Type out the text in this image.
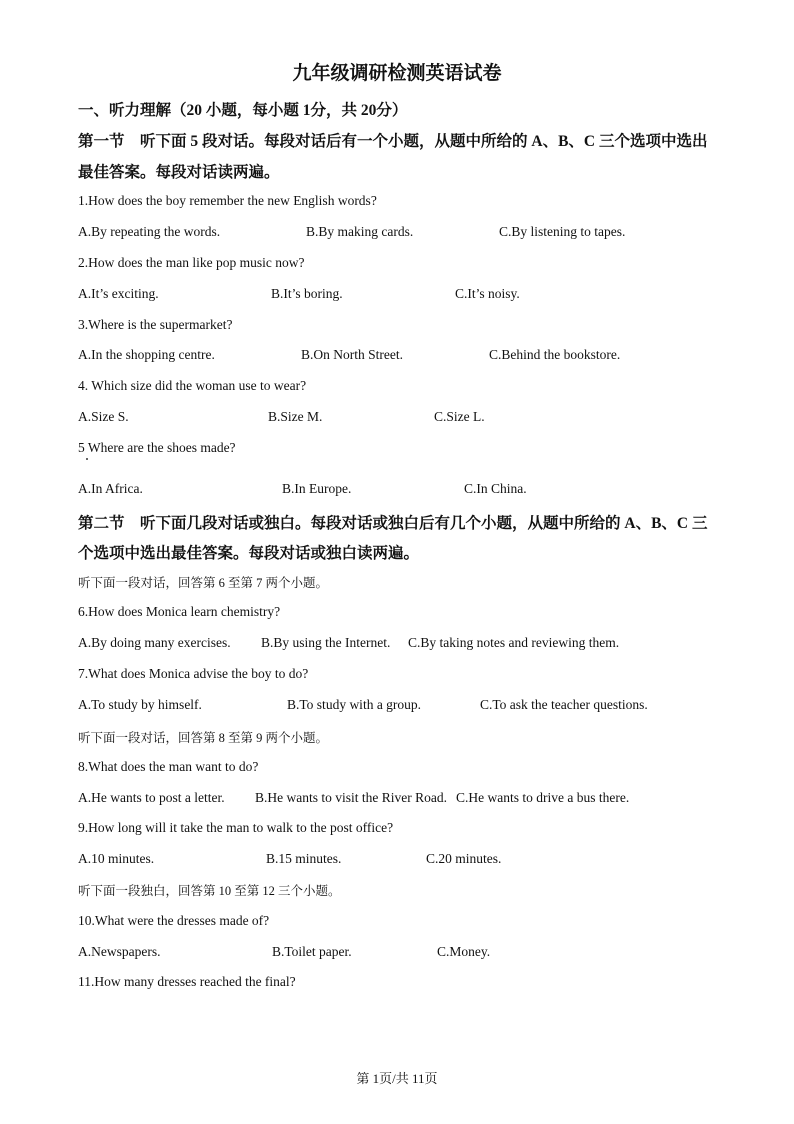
九年级调研检测英语试卷
一、听力理解（20 小题，每小题 1分，共 20分）
第一节　听下面 5 段对话。每段对话后有一个小题，从题中所给的 A、B、C 三个选项中选出
最佳答案。每段对话读两遍。
1.How does the boy remember the new English words?
A.By repeating the words.	B.By making cards.	C.By listening to tapes.
2.How does the man like pop music now?
A.It’s exciting.	B.It’s boring.	C.It’s noisy.
3.Where is the supermarket?
A.In the shopping centre.	B.On North Street.	C.Behind the bookstore.
4. Which size did the woman use to wear?
A.Size S.	B.Size M.	C.Size L.
5 Where are the shoes made?
A.In Africa.	B.In Europe.	C.In China.
第二节　听下面几段对话或独白。每段对话或独白后有几个小题，从题中所给的 A、B、C 三
个选项中选出最佳答案。每段对话或独白读两遍。
听下面一段对话，回答第 6 至第 7 两个小题。
6.How does Monica learn chemistry?
A.By doing many exercises. B.By using the Internet. C.By taking notes and reviewing them.
7.What does Monica advise the boy to do?
A.To study by himself.	B.To study with a group.	C.To ask the teacher questions.
听下面一段对话，回答第 8 至第 9 两个小题。
8.What does the man want to do?
A.He wants to post a letter. B.He wants to visit the River Road. C.He wants to drive a bus there.
9.How long will it take the man to walk to the post office?
A.10 minutes.	B.15 minutes.	C.20 minutes.
听下面一段独白，回答第 10 至第 12 三个小题。
10.What were the dresses made of?
A.Newspapers.	B.Toilet paper.	C.Money.
11.How many dresses reached the final?
第 1页/共 11页
